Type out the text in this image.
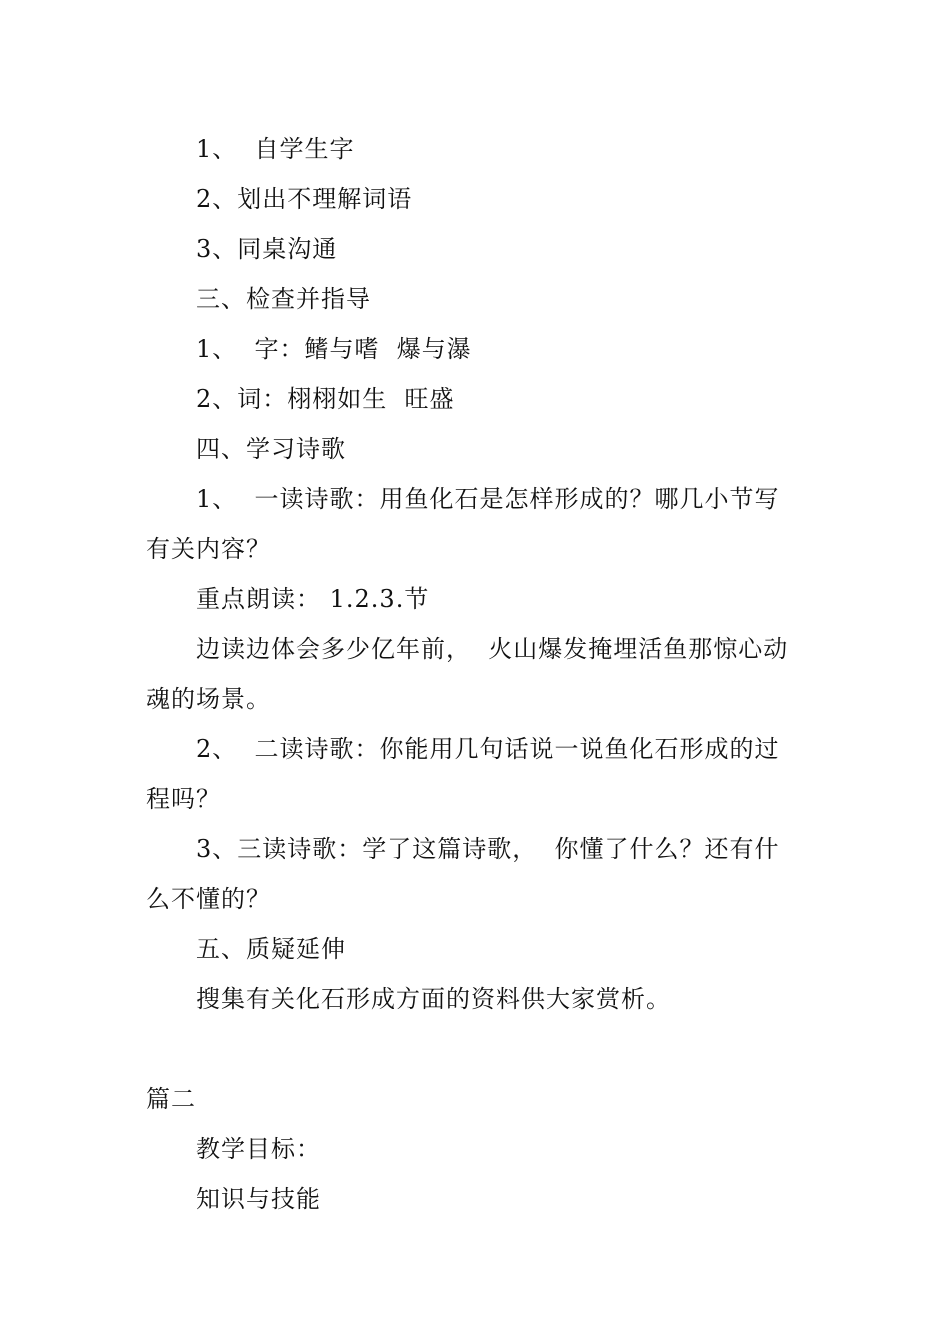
1、  自学生字
2、划出不理解词语
3、同桌沟通
三、检查并指导
1、  字：鳍与嗜  爆与瀑
2、词：栩栩如生  旺盛
四、学习诗歌
1、  一读诗歌：用鱼化石是怎样形成的？哪几小节写
有关内容？
重点朗读： 1.2.3.节
边读边体会多少亿年前，  火山爆发掩埋活鱼那惊心动
魂的场景。
2、  二读诗歌：你能用几句话说一说鱼化石形成的过
程吗？
3、三读诗歌：学了这篇诗歌，  你懂了什么？还有什
么不懂的？
五、质疑延伸
搜集有关化石形成方面的资料供大家赏析。
篇二
教学目标：
知识与技能
